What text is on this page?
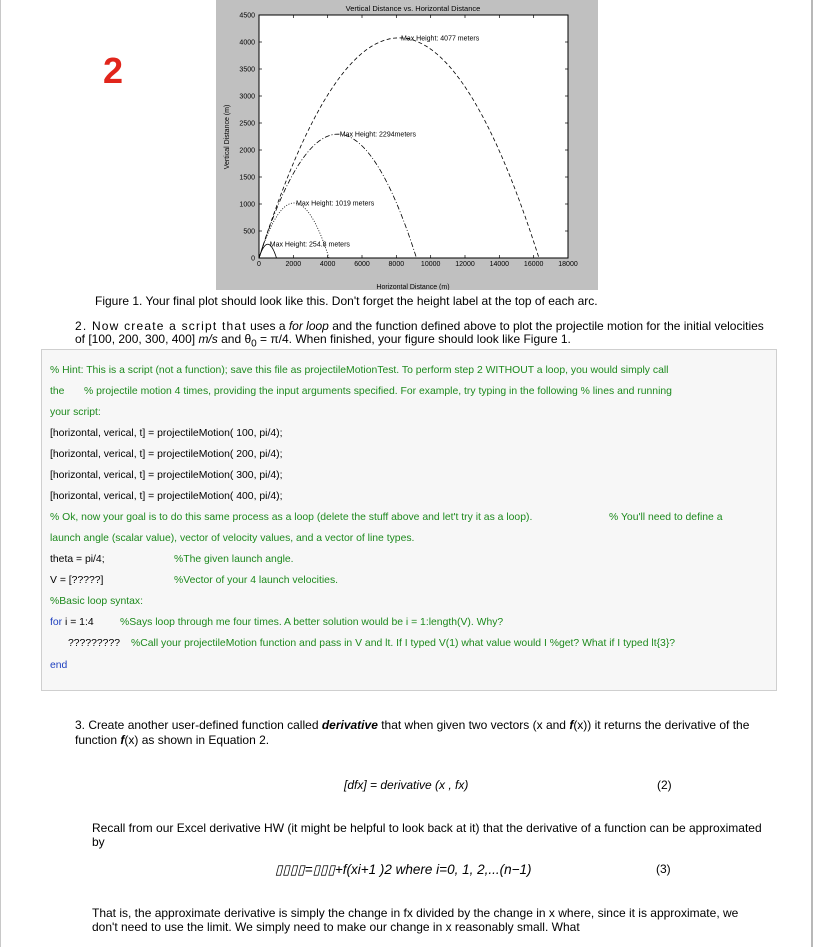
2
Vertical Distance vs. Horizontal Distance
Horizontal Distance (m)
Vertical Distance (m)
0	2000	4000	6000	8000 10000 12000 14000 16000 18000
0
500
1000
1500
2000
2500
3000
3500
4000
4500
Max Height: 254.8 meters
Max Height: 1019 meters
Max Height: 2294meters
Max Height: 4077 meters
Figure 1. Your final plot should look like this. Don't forget the height label at the top of each arc.
2. Now create a script that uses a for loop and the function defined above to plot the projectile motion for the initial velocities of [100, 200, 300, 400] m/s and $\theta_0 = \pi/4$. When finished, your figure should look like Figure 1.
% Hint: This is a script (not a function); save this file as projectileMotionTest. To perform step 2 WITHOUT a loop, you would simply call
the % projectile motion 4 times, providing the input arguments specified. For example, try typing in the following % lines and running
your script:
[horizontal, verical, t] = projectileMotion( 100, pi/4);
[horizontal, verical, t] = projectileMotion( 200, pi/4);
[horizontal, verical, t] = projectileMotion( 300, pi/4);
[horizontal, verical, t] = projectileMotion( 400, pi/4);
% Ok, now your goal is to do this same process as a loop (delete the stuff above and let't try it as a loop).	% You'll need to define a
launch angle (scalar value), vector of velocity values, and a vector of line types.
theta = pi/4;	%The given launch angle.
V = [?????]	%Vector of your 4 launch velocities.
%Basic loop syntax:
for i = 1:4	%Says loop through me four times. A better solution would be i = 1:length(V). Why?
????????? %Call your projectileMotion function and pass in V and lt. If I typed V(1) what value would I %get? What if I typed lt{3}?
end
3. Create another user-defined function called derivative that when given two vectors (x and f(x)) it returns the derivative of the function f(x) as shown in Equation 2.
[dfx] = derivative (x , fx)	(2)
Recall from our Excel derivative HW (it might be helpful to look back at it) that the derivative of a function can be approximated by
▯▯▯▯=▯▯▯+f(xi+1 )2 where i=0, 1, 2,...(n−1)	(3)
That is, the approximate derivative is simply the change in fx divided by the change in x where, since it is approximate, we don't need to use the limit. We simply need to make our change in x reasonably small. What
